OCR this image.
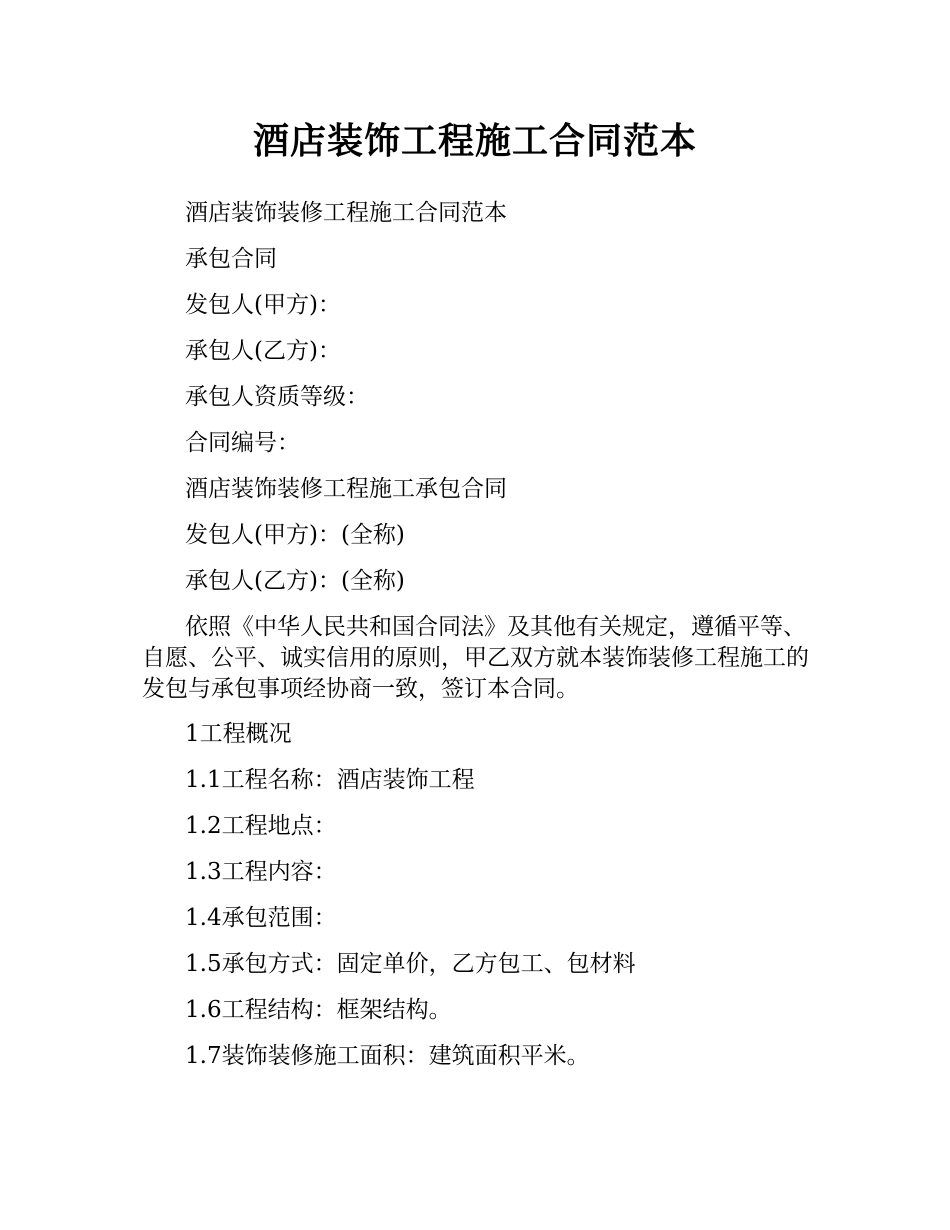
酒店装饰工程施工合同范本

酒店装饰装修工程施工合同范本

承包合同

发包人(甲方)：

承包人(乙方)：

承包人资质等级：

合同编号：

酒店装饰装修工程施工承包合同

发包人(甲方)：(全称)

承包人(乙方)：(全称)

依照《中华人民共和国合同法》及其他有关规定，遵循平等、自愿、公平、诚实信用的原则，甲乙双方就本装饰装修工程施工的发包与承包事项经协商一致，签订本合同。

1工程概况

1.1工程名称：酒店装饰工程

1.2工程地点：

1.3工程内容：

1.4承包范围：

1.5承包方式：固定单价，乙方包工、包材料

1.6工程结构：框架结构。

1.7装饰装修施工面积：建筑面积平米。
